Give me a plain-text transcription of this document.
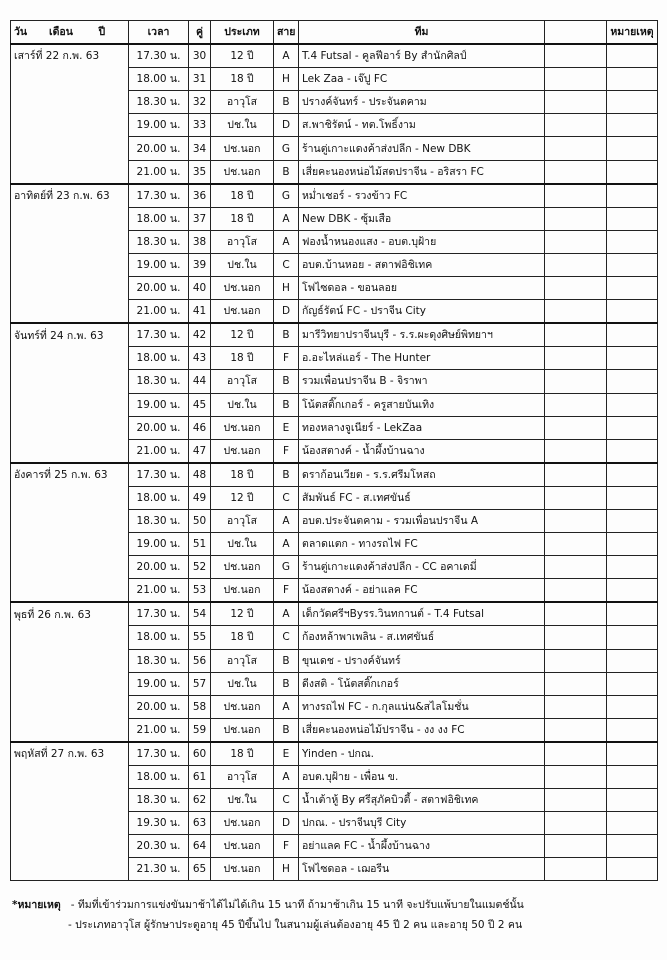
วัน เดือน ปี	เวลา	คู่	ประเภท	สาย	ทีม		หมายเหตุ
เสาร์ที่ 22 ก.พ. 63	17.30 น.	30	12 ปี	A	T.4 Futsal - คูลฟีอาร์ By สำนักศิลป์		
	18.00 น.	31	18 ปี	H	Lek Zaa - เจ๊ปู FC		
	18.30 น.	32	อาวุโส	B	ปรางค์จันทร์ - ประจันตคาม		
	19.00 น.	33	ปช.ใน	D	ส.พาชิรัตน์ - ทต.โพธิ์งาม		
	20.00 น.	34	ปช.นอก	G	ร้านตู่เกาะแดงค้าส่งปลีก - New DBK		
	21.00 น.	35	ปช.นอก	B	เสี่ยคะนองหน่อไม้สดปราจีน - อริสรา FC		
อาทิตย์ที่ 23 ก.พ. 63	17.30 น.	36	18 ปี	G	หม่ำเชอร์ - รวงข้าว FC		
	18.00 น.	37	18 ปี	A	New DBK - ซุ้มเสือ		
	18.30 น.	38	อาวุโส	A	ฟองน้ำหนองแสง - อบต.บุฝ้าย		
	19.00 น.	39	ปช.ใน	C	อบต.บ้านหอย - สตาฟอิชิเทค		
	20.00 น.	40	ปช.นอก	H	โฟไซดอล - ขอนลอย		
	21.00 น.	41	ปช.นอก	D	กัญธ์รัตน์ FC - ปราจีน City		
จันทร์ที่ 24 ก.พ. 63	17.30 น.	42	12 ปี	B	มารีวิทยาปราจีนบุรี - ร.ร.ผะดุงศิษย์พิทยาฯ		
	18.00 น.	43	18 ปี	F	อ.อะไหล่แอร์ - The Hunter		
	18.30 น.	44	อาวุโส	B	รวมเพื่อนปราจีน B - จิราพา		
	19.00 น.	45	ปช.ใน	B	โน้ตสติ๊กเกอร์ - ครูสายบันเทิง		
	20.00 น.	46	ปช.นอก	E	ทองหลางจูเนียร์ - LekZaa		
	21.00 น.	47	ปช.นอก	F	น้องสตางค์ - น้ำผึ้งบ้านฉาง		
อังคารที่ 25 ก.พ. 63	17.30 น.	48	18 ปี	B	ดราก้อนเวียต - ร.ร.ศรีมโหสถ		
	18.00 น.	49	12 ปี	C	สัมพันธ์ FC - ส.เทศขันธ์		
	18.30 น.	50	อาวุโส	A	อบต.ประจันตคาม - รวมเพื่อนปราจีน A		
	19.00 น.	51	ปช.ใน	A	ตลาดแตก - ทางรถไฟ FC		
	20.00 น.	52	ปช.นอก	G	ร้านตู่เกาะแดงค้าส่งปลีก - CC อคาเดมี่		
	21.00 น.	53	ปช.นอก	F	น้องสตางค์ - อย่าแลค FC		
พุธที่ 26 ก.พ. 63	17.30 น.	54	12 ปี	A	เด็กวัดศรีฯByรร.วินทกานต์ - T.4 Futsal		
	18.00 น.	55	18 ปี	C	ก้องหล้าพาเพลิน - ส.เทศขันธ์		
	18.30 น.	56	อาวุโส	B	ขุนเดช - ปรางค์จันทร์		
	19.00 น.	57	ปช.ใน	B	ดีงสติ - โน้ตสติ๊กเกอร์		
	20.00 น.	58	ปช.นอก	A	ทางรถไฟ FC - ก.กุลแน่น&สไลโมชั่น		
	21.00 น.	59	ปช.นอก	B	เสี่ยคะนองหน่อไม้ปราจีน - งง งง FC		
พฤหัสที่ 27 ก.พ. 63	17.30 น.	60	18 ปี	E	Yinden - ปกณ.		
	18.00 น.	61	อาวุโส	A	อบต.บุฝ้าย - เพื่อน ข.		
	18.30 น.	62	ปช.ใน	C	น้ำเต้าหู้ By ศรีสุภัคบิวตี้ - สตาฟอิชิเทค		
	19.30 น.	63	ปช.นอก	D	ปกณ. - ปราจีนบุรี City		
	20.30 น.	64	ปช.นอก	F	อย่าแลค FC - น้ำผึ้งบ้านฉาง		
	21.30 น.	65	ปช.นอก	H	โฟไซดอล - เฌอรีน		
*หมายเหตุ - ทีมที่เข้าร่วมการแข่งขันมาช้าได้ไม่ได้เกิน 15 นาที ถ้ามาช้าเกิน 15 นาที จะปรับแพ้บายในแมตช์นั้น
- ประเภทอาวุโส ผู้รักษาประตูอายุ 45 ปีขึ้นไป ในสนามผู้เล่นต้องอายุ 45 ปี 2 คน และอายุ 50 ปี 2 คน
